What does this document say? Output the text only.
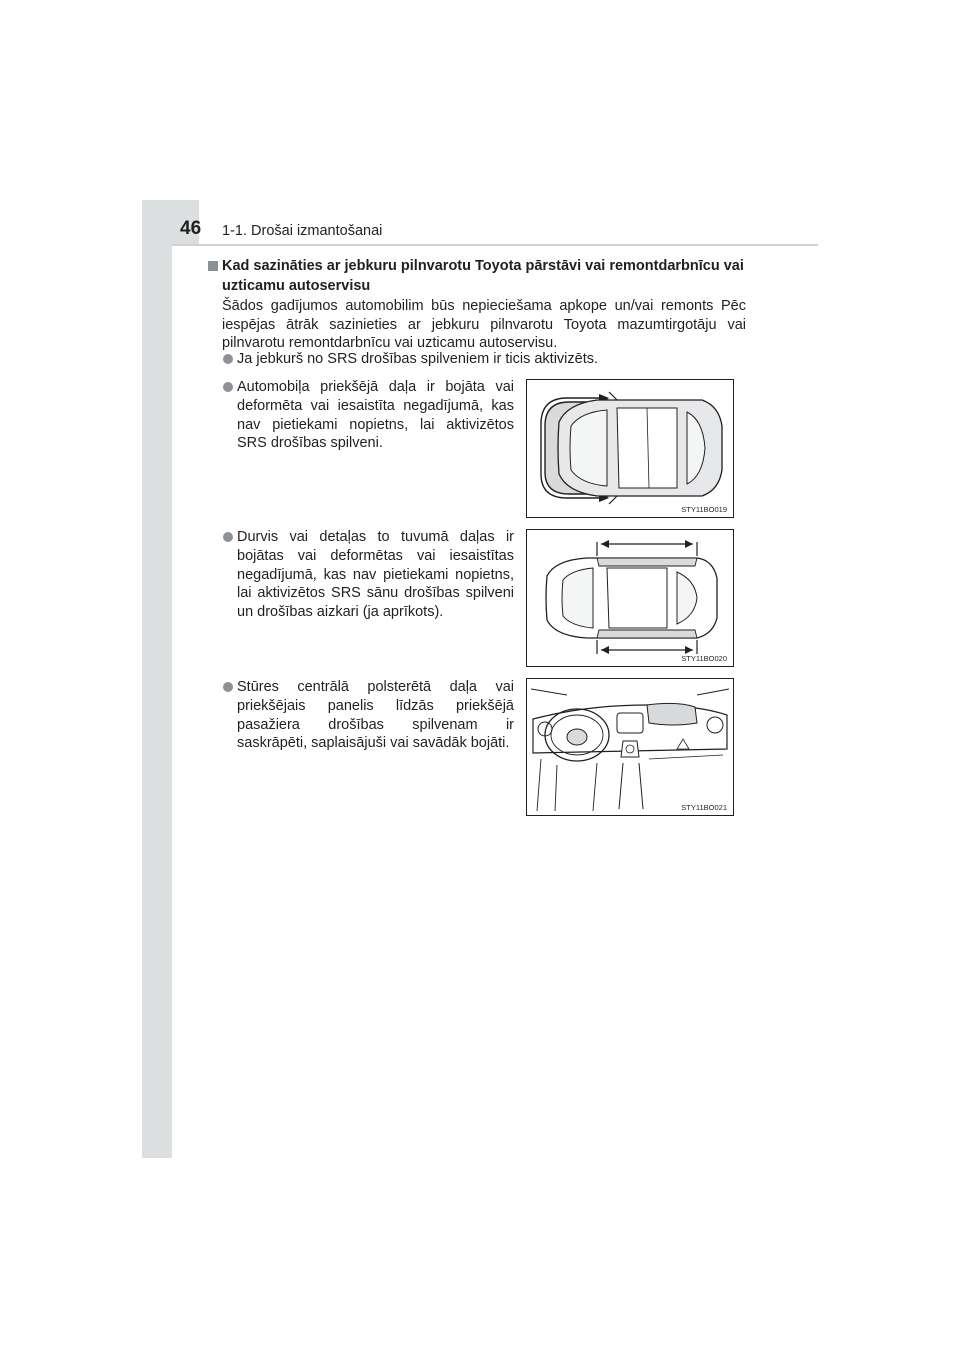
46 1-1. Drošai izmantošanai
Kad sazināties ar jebkuru pilnvarotu Toyota pārstāvi vai remontdarbnīcu vai uzticamu autoservisu
Šādos gadījumos automobilim būs nepieciešama apkope un/vai remonts Pēc iespējas ātrāk sazinieties ar jebkuru pilnvarotu Toyota mazumtirgotāju vai pilnvarotu remontdarbnīcu vai uzticamu autoservisu.
Ja jebkurš no SRS drošības spilveniem ir ticis aktivizēts.
Automobiļa priekšējā daļa ir bojāta vai deformēta vai iesaistīta negadījumā, kas nav pietiekami nopietns, lai aktivizētos SRS drošības spilveni.
Durvis vai detaļas to tuvumā daļas ir bojātas vai deformētas vai iesaistītas negadījumā, kas nav pietiekami nopietns, lai aktivizētos SRS sānu drošības spilveni un drošības aizkari (ja aprīkots).
Stūres centrālā polsterētā daļa vai priekšējais panelis līdzās priekšējā pasažiera drošības spilvenam ir saskrāpēti, saplaisājuši vai savādāk bojāti.
STY11BO019
STY11BO020
STY11BO021
